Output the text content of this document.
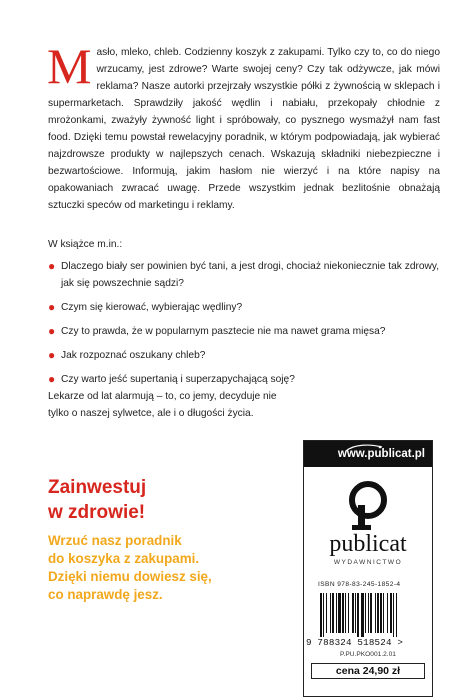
Masło, mleko, chleb. Codzienny koszyk z zakupami. Tylko czy to, co do niego wrzucamy, jest zdrowe? Warte swojej ceny? Czy tak odżywcze, jak mówi reklama? Nasze autorki przejrzały wszystkie półki z żywnością w sklepach i supermarketach. Sprawdziły jakość wędlin i nabiału, przekopały chłodnie z mrożonkami, zważyły żywność light i spróbowały, co pysznego wysmażył nam fast food. Dzięki temu powstał rewelacyjny poradnik, w którym podpowiadają, jak wybierać najzdrowsze produkty w najlepszych cenach. Wskazują składniki niebezpieczne i bezwartościowe. Informują, jakim hasłom nie wierzyć i na które napisy na opakowaniach zwracać uwagę. Przede wszystkim jednak bezlitośnie obnażają sztuczki speców od marketingu i reklamy.

W książce m.in.:

● Dlaczego biały ser powinien być tani, a jest drogi, chociaż niekoniecznie tak zdrowy, jak się powszechnie sądzi?
● Czym się kierować, wybierając wędliny?
● Czy to prawda, że w popularnym pasztecie nie ma nawet grama mięsa?
● Jak rozpoznać oszukany chleb?
● Czy warto jeść supertanią i superzapychającą soję?

Lekarze od lat alarmują – to, co jemy, decyduje nie tylko o naszej sylwetce, ale i o długości życia.

Zainwestuj
w zdrowie!

Wrzuć nasz poradnik
do koszyka z zakupami.
Dzięki niemu dowiesz się,
co naprawdę jesz.

www.publicat.pl
publicat
WYDAWNICTWO
ISBN 978-83-245-1852-4
9 788324 518524 >
P.PU.PKO001.2.01
cena 24,90 zł
